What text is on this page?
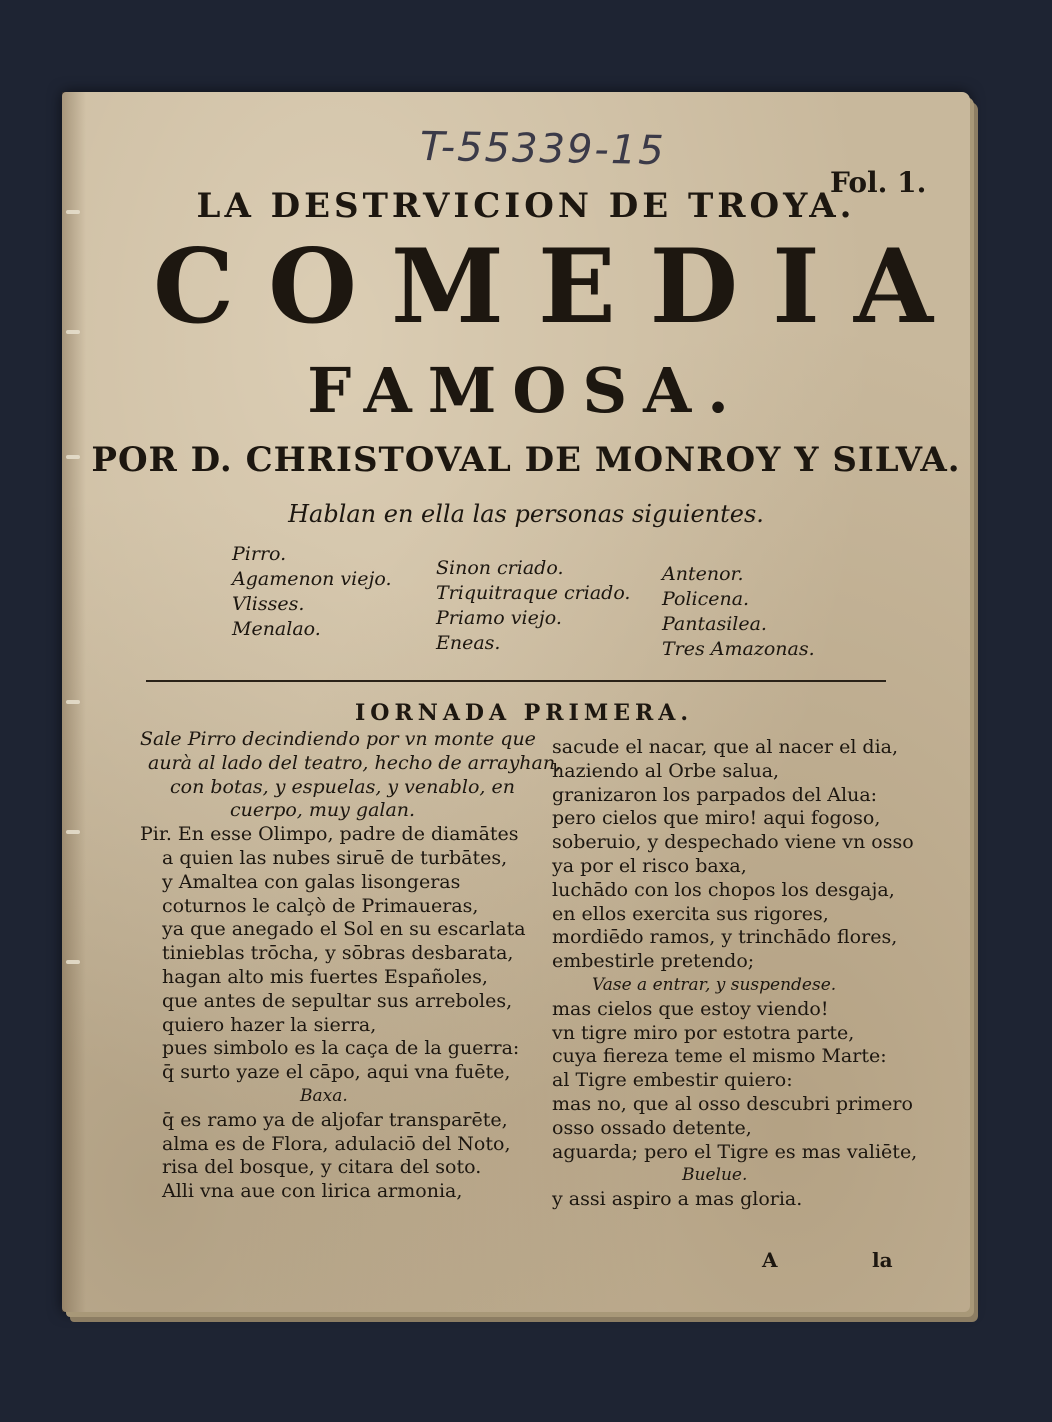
T-55339-15
Fol. 1.
LA DESTRVICION DE TROYA.
COMEDIA
FAMOSA.
POR D. CHRISTOVAL DE MONROY Y SILVA.
Hablan en ella las personas siguientes.
Pirro.
Agamenon viejo.
Vlisses.
Menalao.
Sinon criado.
Triquitraque criado.
Priamo viejo.
Eneas.
Antenor.
Policena.
Pantasilea.
Tres Amazonas.
IORNADA PRIMERA.
Sale Pirro decindiendo por vn monte que
aurà al lado del teatro, hecho de arrayhan,
con botas, y espuelas, y venablo, en
cuerpo, muy galan.
Pir. En esse Olimpo, padre de diamātes
a quien las nubes siruē de turbātes,
y Amaltea con galas lisongeras
coturnos le calçò de Primaueras,
ya que anegado el Sol en su escarlata
tinieblas trōcha, y sōbras desbarata,
hagan alto mis fuertes Españoles,
que antes de sepultar sus arreboles,
quiero hazer la sierra,
pues simbolo es la caça de la guerra:
q̄ surto yaze el cāpo, aqui vna fuēte,
Baxa.
q̄ es ramo ya de aljofar transparēte,
alma es de Flora, adulaciō del Noto,
risa del bosque, y citara del soto.
Alli vna aue con lirica armonia,
sacude el nacar, que al nacer el dia,
haziendo al Orbe salua,
granizaron los parpados del Alua:
pero cielos que miro! aqui fogoso,
soberuio, y despechado viene vn osso
ya por el risco baxa,
luchādo con los chopos los desgaja,
en ellos exercita sus rigores,
mordiēdo ramos, y trinchādo flores,
embestirle pretendo;
Vase a entrar, y suspendese.
mas cielos que estoy viendo!
vn tigre miro por estotra parte,
cuya fiereza teme el mismo Marte:
al Tigre embestir quiero:
mas no, que al osso descubri primero
osso ossado detente,
aguarda; pero el Tigre es mas valiēte,
Buelue.
y assi aspiro a mas gloria.
A	la
